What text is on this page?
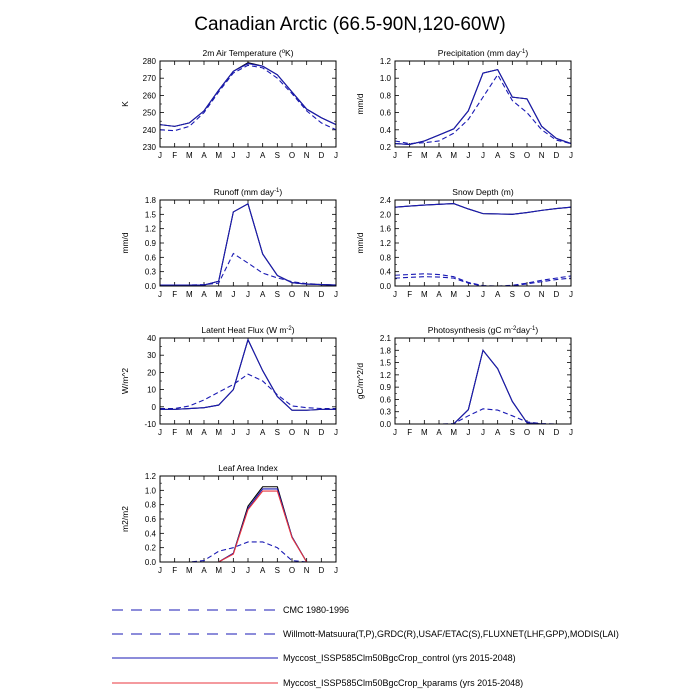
Canadian Arctic (66.5-90N,120-60W)
2m Air Temperature ($^o$K)
K
230
240
250
260
270
280
J F M A M J J A S O N D J
Precipitation (mm day$^{-1}$)
mm/d
0.2
0.4
0.6
0.8
1.0
1.2
J F M A M J J A S O N D J
Runoff (mm day$^{-1}$)
mm/d
0.0
0.3
0.6
0.9
1.2
1.5
1.8
J F M A M J J A S O N D J
Snow Depth (m)
mm/d
0.0
0.4
0.8
1.2
1.6
2.0
2.4
J F M A M J J A S O N D J
Latent Heat Flux (W $m^{-2}$)
W/m^2
-10
0
10
20
30
40
J F M A M J J A S O N D J
Photosynthesis (gC $m^{-2}day^{-1}$)
gC/m^2/d
0.0
0.3
0.6
0.9
1.2
1.5
1.8
2.1
J F M A M J J A S O N D J
Leaf Area Index
m2/m2
0.0
0.2
0.4
0.6
0.8
1.0
1.2
J F M A M J J A S O N D J
CMC 1980-1996
Willmott-Matsuura(T,P),GRDC(R),USAF/ETAC(S),FLUXNET(LHF,GPP),MODIS(LAI)
Myccost_ISSP585Clm50BgcCrop_control (yrs 2015-2048)
Myccost_ISSP585Clm50BgcCrop_kparams (yrs 2015-2048)
